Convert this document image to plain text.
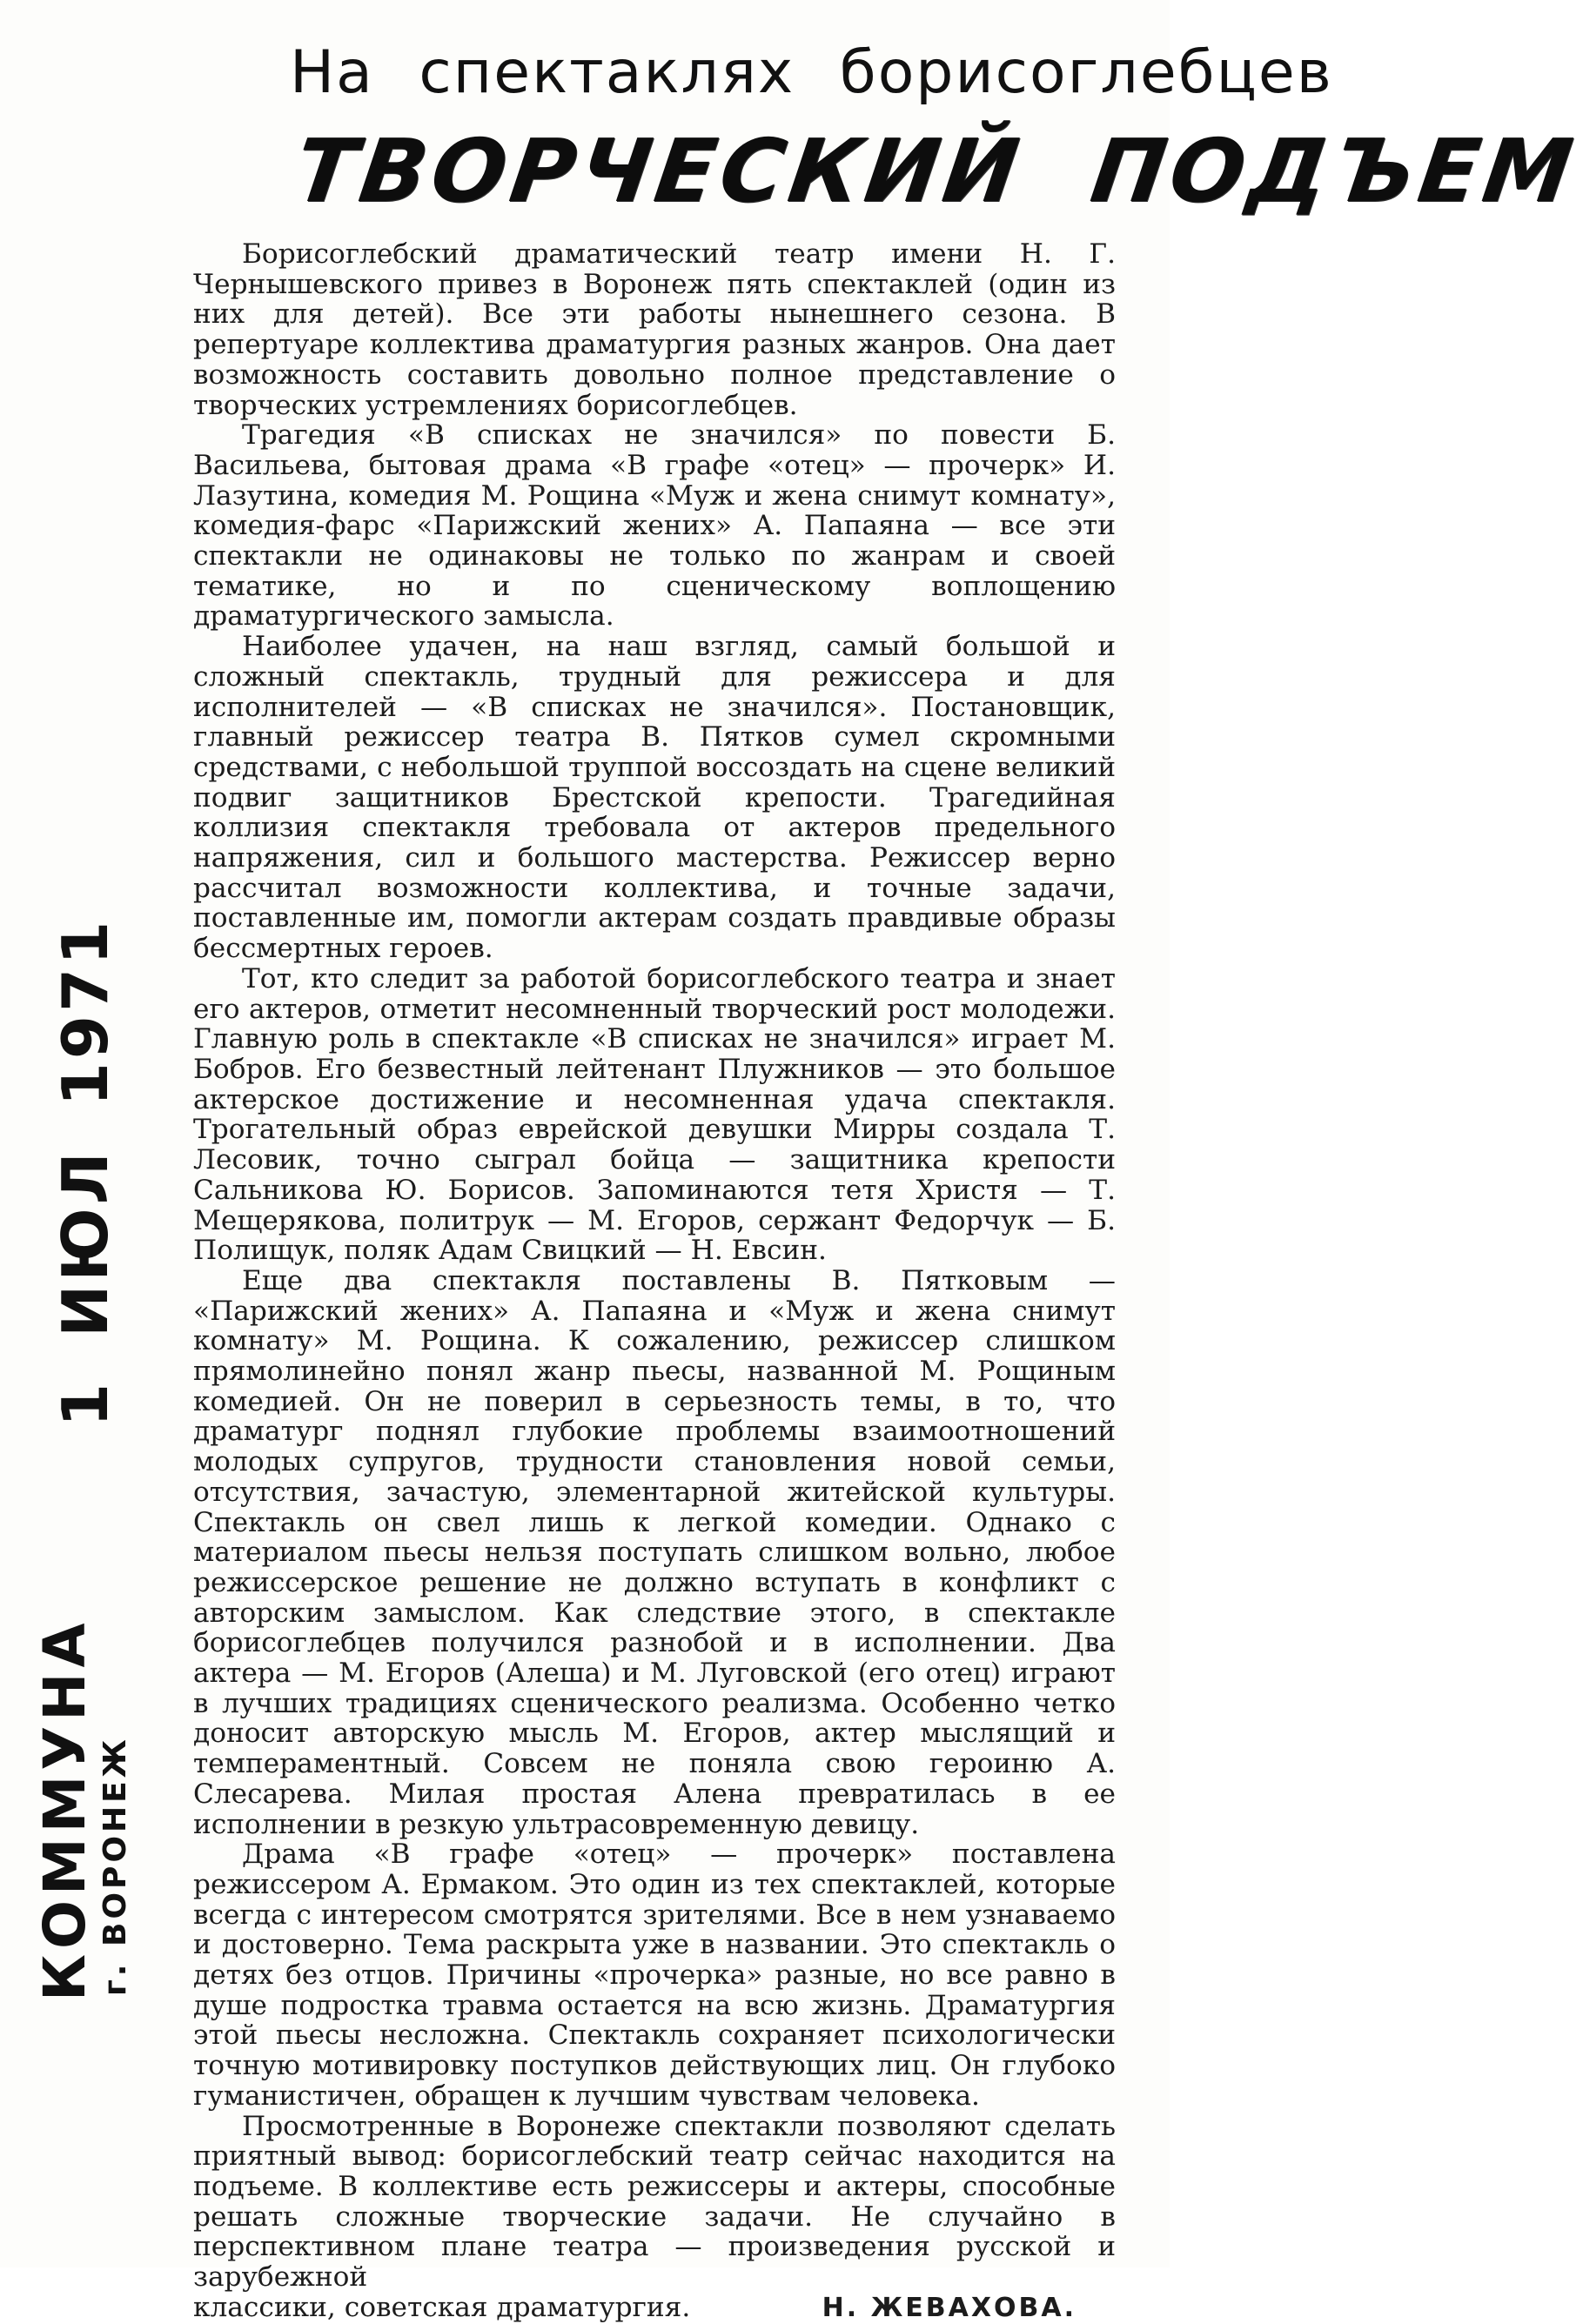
На спектаклях борисоглебцев
ТВОРЧЕСКИЙ ПОДЪЕМ

Борисоглебский драматический театр имени Н. Г. Чернышевского привез в Воронеж пять спектаклей (один из них для детей). Все эти работы нынешнего сезона. В репертуаре коллектива драматургия разных жанров. Она дает возможность составить довольно полное представление о творческих устремлениях борисоглебцев.

Трагедия «В списках не значился» по повести Б. Васильева, бытовая драма «В графе «отец» — прочерк» И. Лазутина, комедия М. Рощина «Муж и жена снимут комнату», комедия-фарс «Парижский жених» А. Папаяна — все эти спектакли не одинаковы не только по жанрам и своей тематике, но и по сценическому воплощению драматургического замысла.

Наиболее удачен, на наш взгляд, самый большой и сложный спектакль, трудный для режиссера и для исполнителей — «В списках не значился». Постановщик, главный режиссер театра В. Пятков сумел скромными средствами, с небольшой труппой воссоздать на сцене великий подвиг защитников Брестской крепости. Трагедийная коллизия спектакля требовала от актеров предельного напряжения, сил и большого мастерства. Режиссер верно рассчитал возможности коллектива, и точные задачи, поставленные им, помогли актерам создать правдивые образы бессмертных героев.

Тот, кто следит за работой борисоглебского театра и знает его актеров, отметит несомненный творческий рост молодежи. Главную роль в спектакле «В списках не значился» играет М. Бобров. Его безвестный лейтенант Плужников — это большое актерское достижение и несомненная удача спектакля. Трогательный образ еврейской девушки Мирры создала Т. Лесовик, точно сыграл бойца — защитника крепости Сальникова Ю. Борисов. Запоминаются тетя Христя — Т. Мещерякова, политрук — М. Егоров, сержант Федорчук — Б. Полищук, поляк Адам Свицкий — Н. Евсин.

Еще два спектакля поставлены В. Пятковым — «Парижский жених» А. Папаяна и «Муж и жена снимут комнату» М. Рощина. К сожалению, режиссер слишком прямолинейно понял жанр пьесы, названной М. Рощиным комедией. Он не поверил в серьезность темы, в то, что драматург поднял глубокие проблемы взаимоотношений молодых супругов, трудности становления новой семьи, отсутствия, зачастую, элементарной житейской культуры. Спектакль он свел лишь к легкой комедии. Однако с материалом пьесы нельзя поступать слишком вольно, любое режиссерское решение не должно вступать в конфликт с авторским замыслом. Как следствие этого, в спектакле борисоглебцев получился разнобой и в исполнении. Два актера — М. Егоров (Алеша) и М. Луговской (его отец) играют в лучших традициях сценического реализма. Особенно четко доносит авторскую мысль М. Егоров, актер мыслящий и темпераментный. Совсем не поняла свою героиню А. Слесарева. Милая простая Алена превратилась в ее исполнении в резкую ультрасовременную девицу.

Драма «В графе «отец» — прочерк» поставлена режиссером А. Ермаком. Это один из тех спектаклей, которые всегда с интересом смотрятся зрителями. Все в нем узнаваемо и достоверно. Тема раскрыта уже в названии. Это спектакль о детях без отцов. Причины «прочерка» разные, но все равно в душе подростка травма остается на всю жизнь. Драматургия этой пьесы несложна. Спектакль сохраняет психологически точную мотивировку поступков действующих лиц. Он глубоко гуманистичен, обращен к лучшим чувствам человека.

Просмотренные в Воронеже спектакли позволяют сделать приятный вывод: борисоглебский театр сейчас находится на подъеме. В коллективе есть режиссеры и актеры, способные решать сложные творческие задачи. Не случайно в перспективном плане театра — произведения русской и зарубежной

классики, советская драматургия.	Н. ЖЕВАХОВА.
1 ИЮЛ 1971
КОММУНА г. ВОРОНЕЖ
